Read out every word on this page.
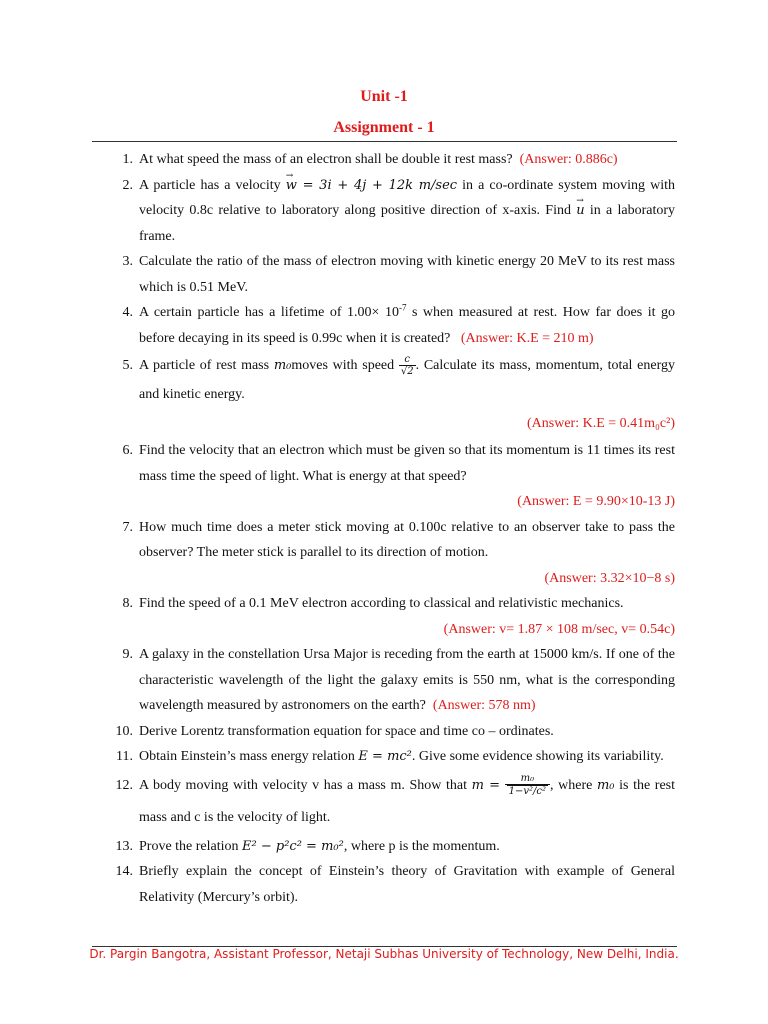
Unit -1
Assignment - 1
1. At what speed the mass of an electron shall be double it rest mass? (Answer: 0.886c)
2. A particle has a velocity → w = 3i + 4j + 12k m/sec in a co-ordinate system moving with velocity 0.8c relative to laboratory along positive direction of x-axis. Find → u in a laboratory frame.
3. Calculate the ratio of the mass of electron moving with kinetic energy 20 MeV to its rest mass which is 0.51 MeV.
4. A certain particle has a lifetime of $1.00\times 10^{-7}$ s when measured at rest. How far does it go before decaying in its speed is 0.99c when it is created? (Answer: K.E = 210 m)
5. A particle of rest mass m₀moves with speed $\frac{c}{√2}$ . Calculate its mass, momentum, total energy and kinetic energy.
(Answer: K.E = 0.41m₀c²)
6. Find the velocity that an electron which must be given so that its momentum is 11 times its rest mass time the speed of light. What is energy at that speed?
(Answer: E = 9.90×10-13 J)
7. How much time does a meter stick moving at 0.100c relative to an observer take to pass the observer? The meter stick is parallel to its direction of motion.
(Answer: 3.32×10−8 s)
8. Find the speed of a 0.1 MeV electron according to classical and relativistic mechanics.
(Answer: v= 1.87 × 108 m/sec, v= 0.54c)
9. A galaxy in the constellation Ursa Major is receding from the earth at 15000 km/s. If one of the characteristic wavelength of the light the galaxy emits is 550 nm, what is the corresponding wavelength measured by astronomers on the earth? (Answer: 578 nm)
10. Derive Lorentz transformation equation for space and time co – ordinates.
11. Obtain Einstein’s mass energy relation E = mc². Give some evidence showing its variability.
12. A body moving with velocity v has a mass m. Show that $m = \frac{\text{m₀}}{\text{1−v²/c²}}$ , where m₀ is the rest mass and c is the velocity of light.
13. Prove the relation E² − p²c² = m₀², where p is the momentum.
14. Briefly explain the concept of Einstein’s theory of Gravitation with example of General Relativity (Mercury’s orbit).
Dr. Pargin Bangotra, Assistant Professor, Netaji Subhas University of Technology, New Delhi, India.
